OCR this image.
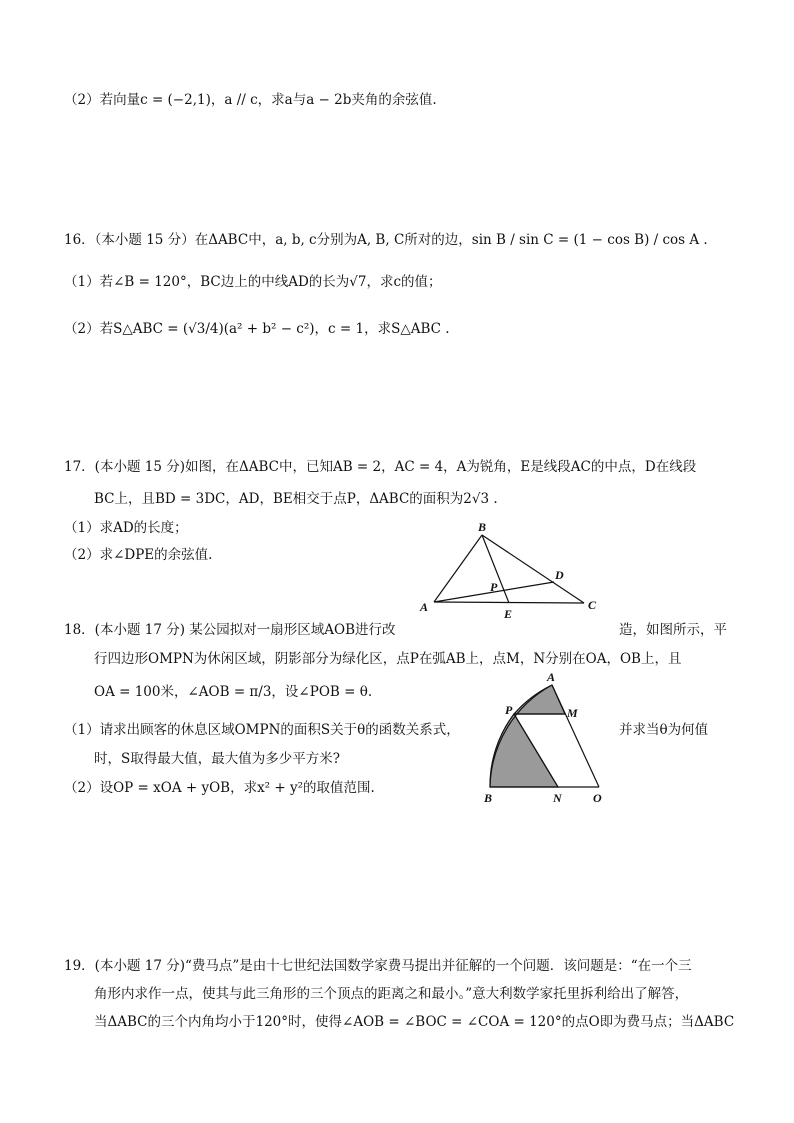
（2）若向量c = (−2,1)，a // c，求a与a − 2b夹角的余弦值.
16．（本小题 15 分）在ΔABC中，a, b, c分别为A, B, C所对的边，sin B / sin C = (1 − cos B) / cos A .
（1）若∠B = 120°，BC边上的中线AD的长为√7，求c的值；
（2）若S△ABC = (√3/4)(a² + b² − c²)，c = 1，求S△ABC .
17．(本小题 15 分)如图，在ΔABC中，已知AB = 2，AC = 4，A为锐角，E是线段AC的中点，D在线段
BC上，且BD = 3DC，AD，BE相交于点P，ΔABC的面积为2√3 .
（1）求AD的长度；
（2）求∠DPE的余弦值.
B
P
D
A	E
C
18．(本小题 17 分) 某公园拟对一扇形区域AOB进行改	造，如图所示，平
行四边形OMPN为休闲区域，阴影部分为绿化区，点P在弧AB上，点M，N分别在OA，OB上，且
OA = 100米，∠AOB = π/3，设∠POB = θ.
（1）请求出顾客的休息区域OMPN的面积S关于θ的函数关系式，	并求当θ为何值
时，S取得最大值，最大值为多少平方米?
（2）设OP = xOA + yOB，求x² + y²的取值范围.
A
P	M
B	N	O
19．(本小题 17 分)“费马点”是由十七世纪法国数学家费马提出并征解的一个问题．该问题是：“在一个三
角形内求作一点，使其与此三角形的三个顶点的距离之和最小。”意大利数学家托里拆利给出了解答，
当ΔABC的三个内角均小于120°时，使得∠AOB = ∠BOC = ∠COA = 120°的点O即为费马点；当ΔABC
